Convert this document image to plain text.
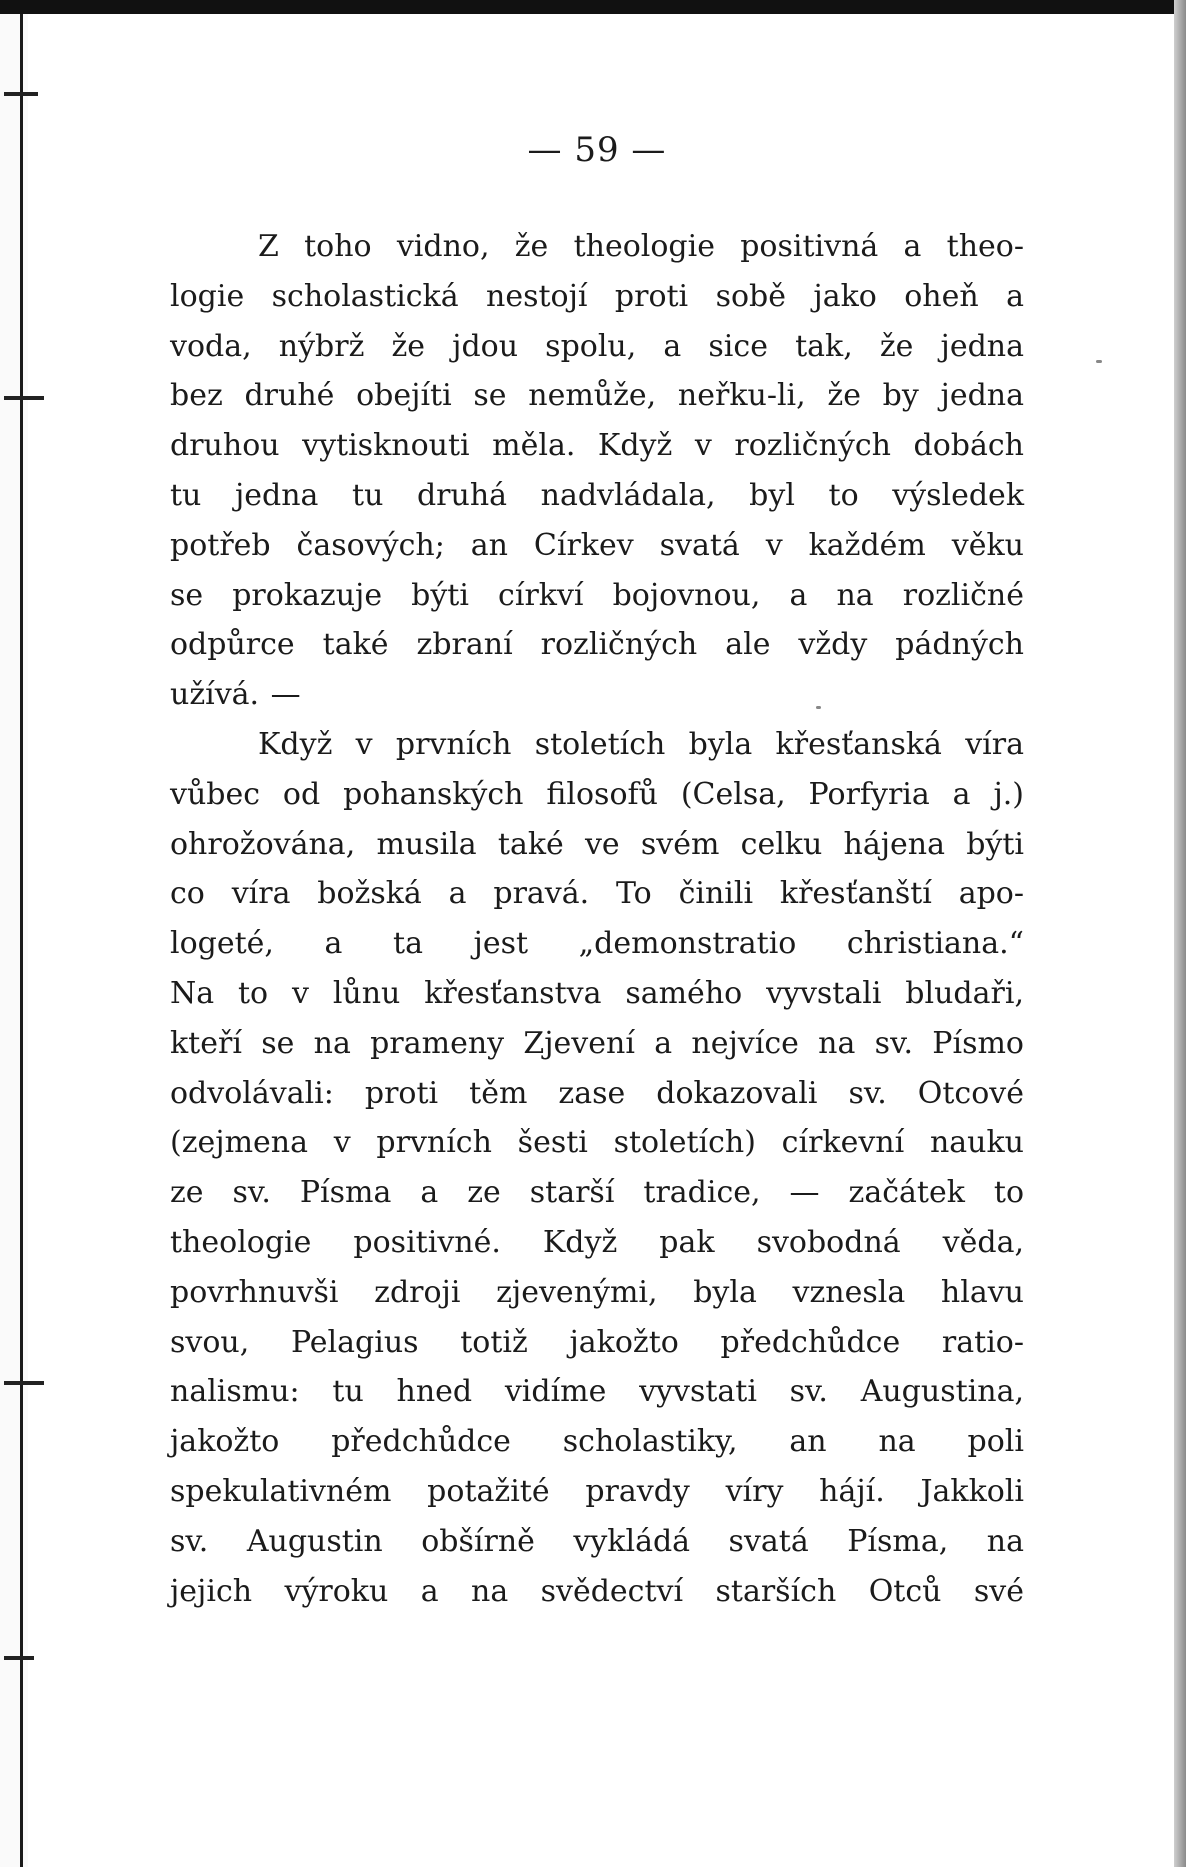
— 59 —
Z toho vidno, že theologie positivná a theo-
logie scholastická nestojí proti sobě jako oheň a
voda, nýbrž že jdou spolu, a sice tak, že jedna
bez druhé obejíti se nemůže, neřku-li, že by jedna
druhou vytisknouti měla. Když v rozličných dobách
tu jedna tu druhá nadvládala, byl to výsledek
potřeb časových; an Církev svatá v každém věku
se prokazuje býti církví bojovnou, a na rozličné
odpůrce také zbraní rozličných ale vždy pádných
užívá. —
Když v prvních stoletích byla křesťanská víra
vůbec od pohanských filosofů (Celsa, Porfyria a j.)
ohrožována, musila také ve svém celku hájena býti
co víra božská a pravá. To činili křesťanští apo-
logeté, a ta jest „demonstratio christiana.“
Na to v lůnu křesťanstva samého vyvstali bludaři,
kteří se na prameny Zjevení a nejvíce na sv. Písmo
odvolávali: proti těm zase dokazovali sv. Otcové
(zejmena v prvních šesti stoletích) církevní nauku
ze sv. Písma a ze starší tradice, — začátek to
theologie positivné. Když pak svobodná věda,
povrhnuvši zdroji zjevenými, byla vznesla hlavu
svou, Pelagius totiž jakožto předchůdce ratio-
nalismu: tu hned vidíme vyvstati sv. Augustina,
jakožto předchůdce scholastiky, an na poli
spekulativném potažité pravdy víry hájí. Jakkoli
sv. Augustin obšírně vykládá svatá Písma, na
jejich výroku a na svědectví starších Otců své
